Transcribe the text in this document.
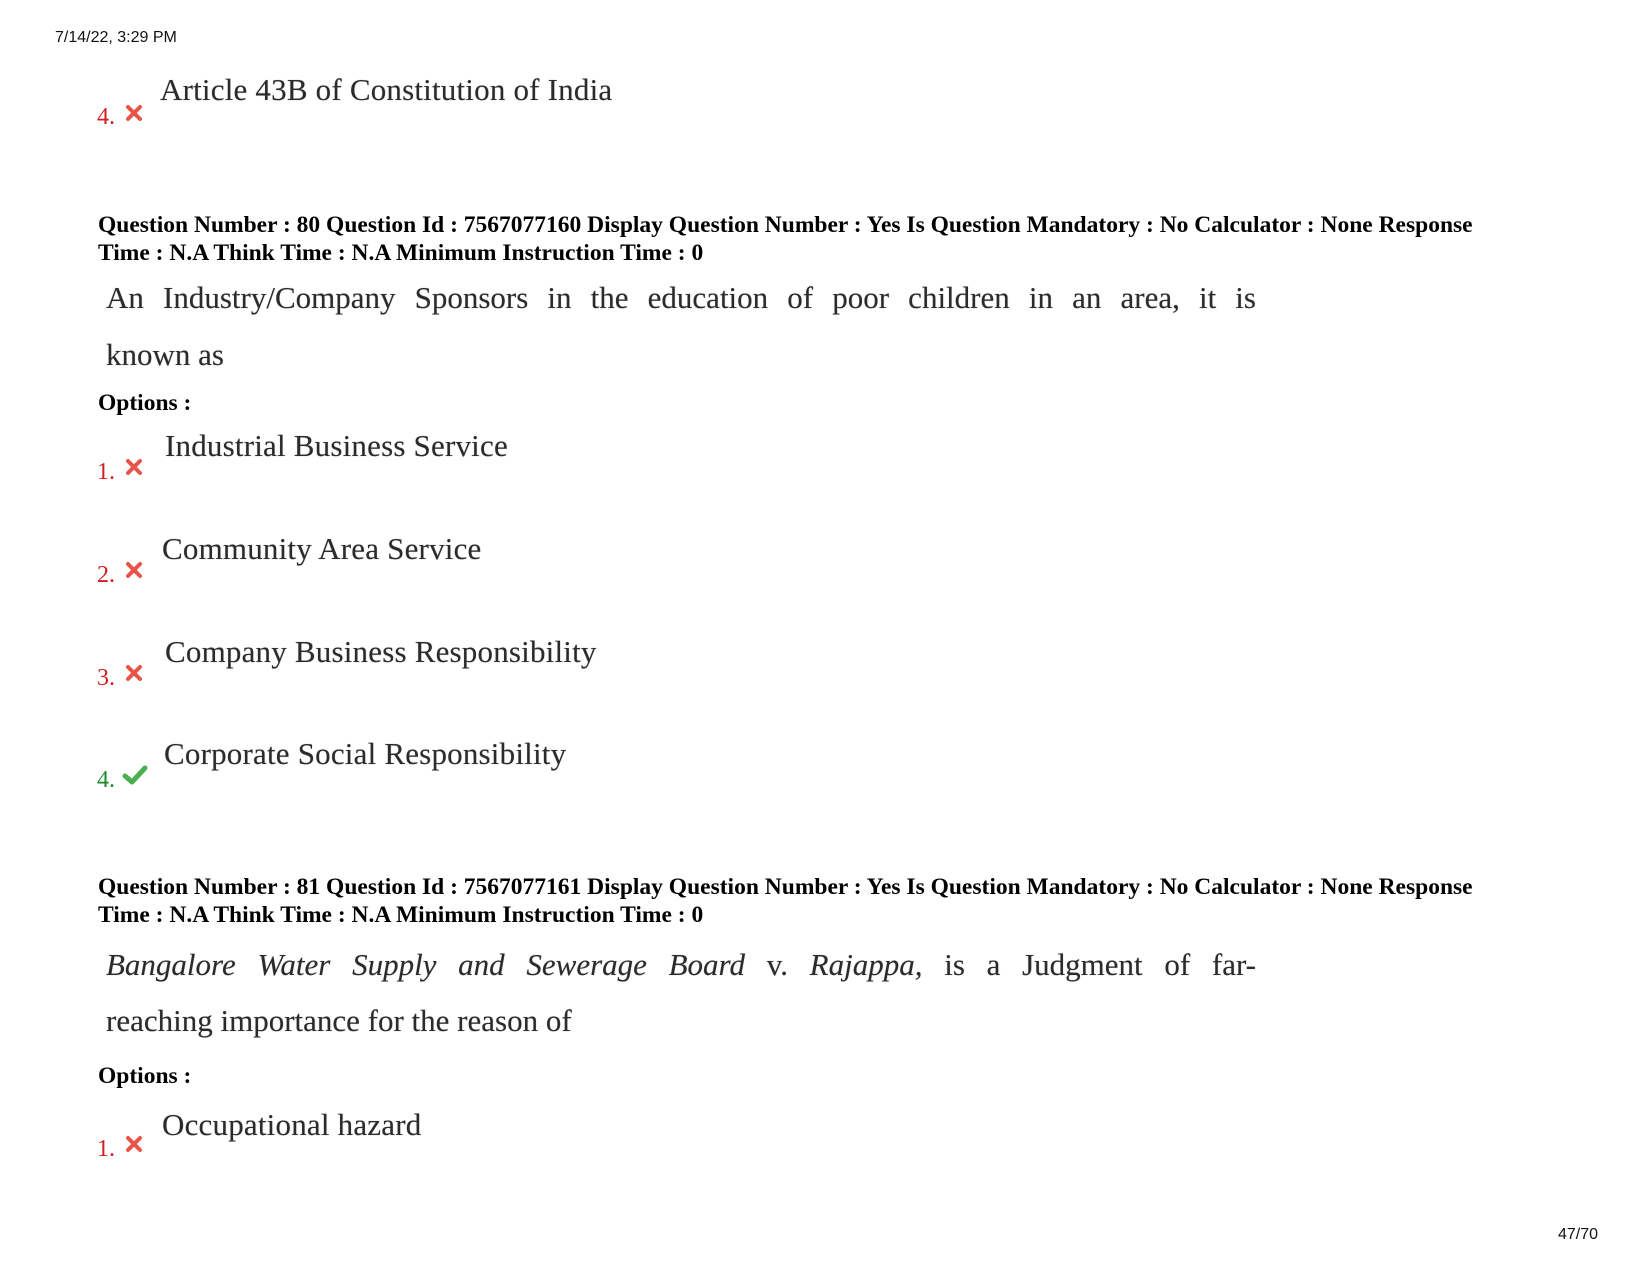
7/14/22, 3:29 PM
47/70
4.
Article 43B of Constitution of India
Question Number : 80 Question Id : 7567077160 Display Question Number : Yes Is Question Mandatory : No Calculator : None Response
Time : N.A Think Time : N.A Minimum Instruction Time : 0
An Industry/Company Sponsors in the education of poor children in an area, it is
known as
Options :
1.
Industrial Business Service
2.
Community Area Service
3.
Company Business Responsibility
4.
Corporate Social Responsibility
Question Number : 81 Question Id : 7567077161 Display Question Number : Yes Is Question Mandatory : No Calculator : None Response
Time : N.A Think Time : N.A Minimum Instruction Time : 0
Bangalore Water Supply and Sewerage Board v. Rajappa, is a Judgment of far-
reaching importance for the reason of
Options :
1.
Occupational hazard
